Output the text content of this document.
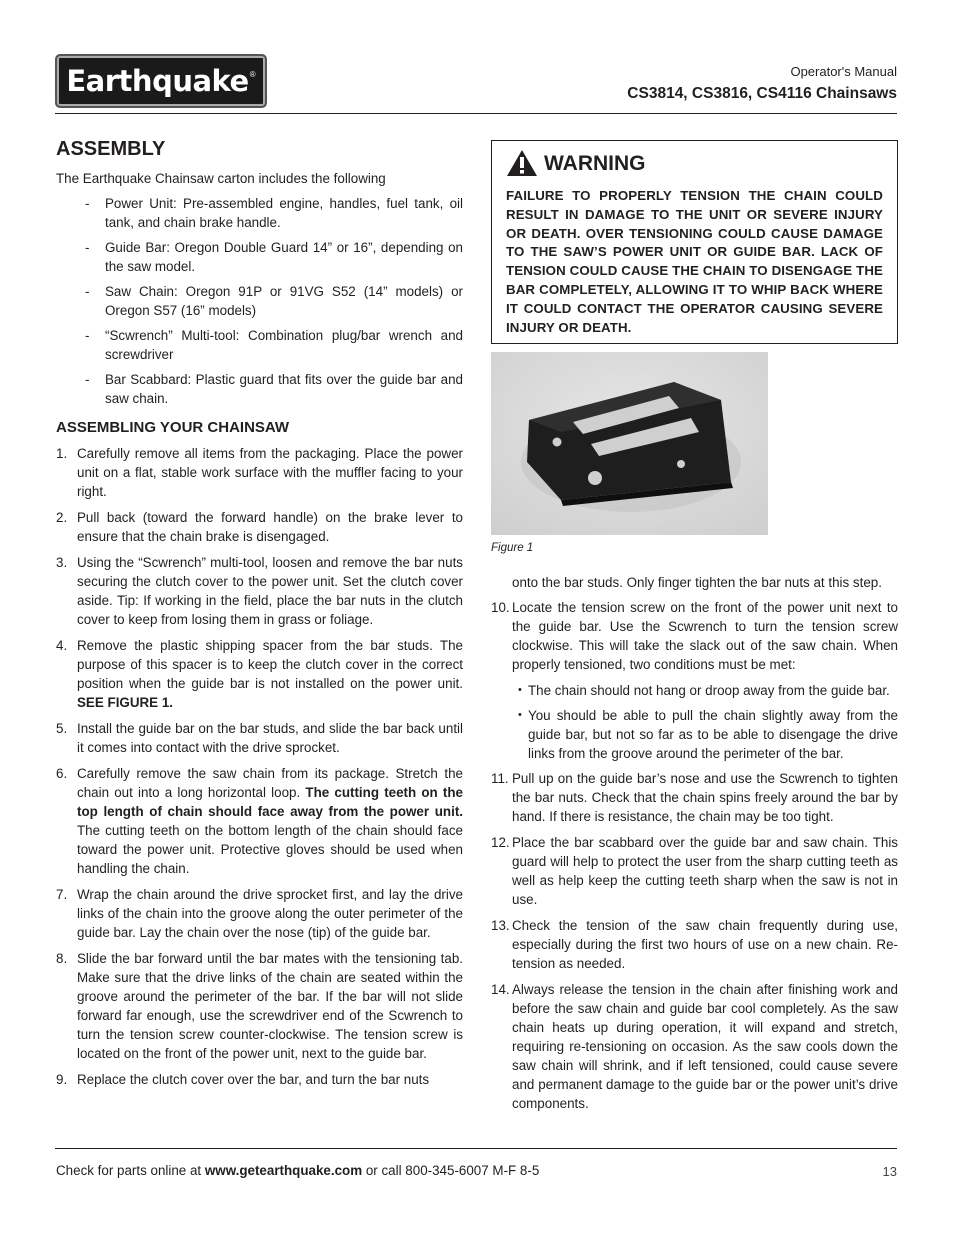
Earthquake ®	Operator's Manual
CS3814, CS3816, CS4116 Chainsaws
ASSEMBLY

The Earthquake Chainsaw carton includes the following

- Power Unit: Pre-assembled engine, handles, fuel tank, oil tank, and chain brake handle.
- Guide Bar: Oregon Double Guard 14” or 16”, depending on the saw model.
- Saw Chain: Oregon 91P or 91VG S52 (14” models) or Oregon S57 (16” models)
- “Scwrench” Multi-tool: Combination plug/bar wrench and screwdriver
- Bar Scabbard: Plastic guard that fits over the guide bar and saw chain.
ASSEMBLING YOUR CHAINSAW
1. Carefully remove all items from the packaging. Place the power unit on a flat, stable work surface with the muffler facing to your right.
2. Pull back (toward the forward handle) on the brake lever to ensure that the chain brake is disengaged.
3. Using the “Scwrench” multi-tool, loosen and remove the bar nuts securing the clutch cover to the power unit. Set the clutch cover aside. Tip: If working in the field, place the bar nuts in the clutch cover to keep from losing them in grass or foliage.
4. Remove the plastic shipping spacer from the bar studs. The purpose of this spacer is to keep the clutch cover in the correct position when the guide bar is not installed on the power unit. SEE FIGURE 1.
5. Install the guide bar on the bar studs, and slide the bar back until it comes into contact with the drive sprocket.
6. Carefully remove the saw chain from its package. Stretch the chain out into a long horizontal loop. The cutting teeth on the top length of chain should face away from the power unit. The cutting teeth on the bottom length of the chain should face toward the power unit. Protective gloves should be used when handling the chain.
7. Wrap the chain around the drive sprocket first, and lay the drive links of the chain into the groove along the outer perimeter of the guide bar. Lay the chain over the nose (tip) of the guide bar.
8. Slide the bar forward until the bar mates with the tensioning tab. Make sure that the drive links of the chain are seated within the groove around the perimeter of the bar. If the bar will not slide forward far enough, use the screwdriver end of the Scwrench to turn the tension screw counter-clockwise. The tension screw is located on the front of the power unit, next to the guide bar.
9. Replace the clutch cover over the bar, and turn the bar nuts
WARNING
FAILURE TO PROPERLY TENSION THE CHAIN COULD RESULT IN DAMAGE TO THE UNIT OR SEVERE INJURY OR DEATH. OVER TENSIONING COULD CAUSE DAMAGE TO THE SAW’S POWER UNIT OR GUIDE BAR. LACK OF TENSION COULD CAUSE THE CHAIN TO DISENGAGE THE BAR COMPLETELY, ALLOWING IT TO WHIP BACK WHERE IT COULD CONTACT THE OPERATOR CAUSING SEVERE INJURY OR DEATH.
Figure 1
onto the bar studs. Only finger tighten the bar nuts at this step.
10. Locate the tension screw on the front of the power unit next to the guide bar. Use the Scwrench to turn the tension screw clockwise. This will take the slack out of the saw chain. When properly tensioned, two conditions must be met:
• The chain should not hang or droop away from the guide bar.
• You should be able to pull the chain slightly away from the guide bar, but not so far as to be able to disengage the drive links from the groove around the perimeter of the bar.
11. Pull up on the guide bar’s nose and use the Scwrench to tighten the bar nuts. Check that the chain spins freely around the bar by hand. If there is resistance, the chain may be too tight.
12. Place the bar scabbard over the guide bar and saw chain. This guard will help to protect the user from the sharp cutting teeth as well as help keep the cutting teeth sharp when the saw is not in use.
13. Check the tension of the saw chain frequently during use, especially during the first two hours of use on a new chain. Re-tension as needed.
14. Always release the tension in the chain after finishing work and before the saw chain and guide bar cool completely. As the saw chain heats up during operation, it will expand and stretch, requiring re-tensioning on occasion. As the saw cools down the saw chain will shrink, and if left tensioned, could cause severe and permanent damage to the guide bar or the power unit’s drive components.
Check for parts online at www.getearthquake.com or call 800-345-6007 M-F 8-5	13
